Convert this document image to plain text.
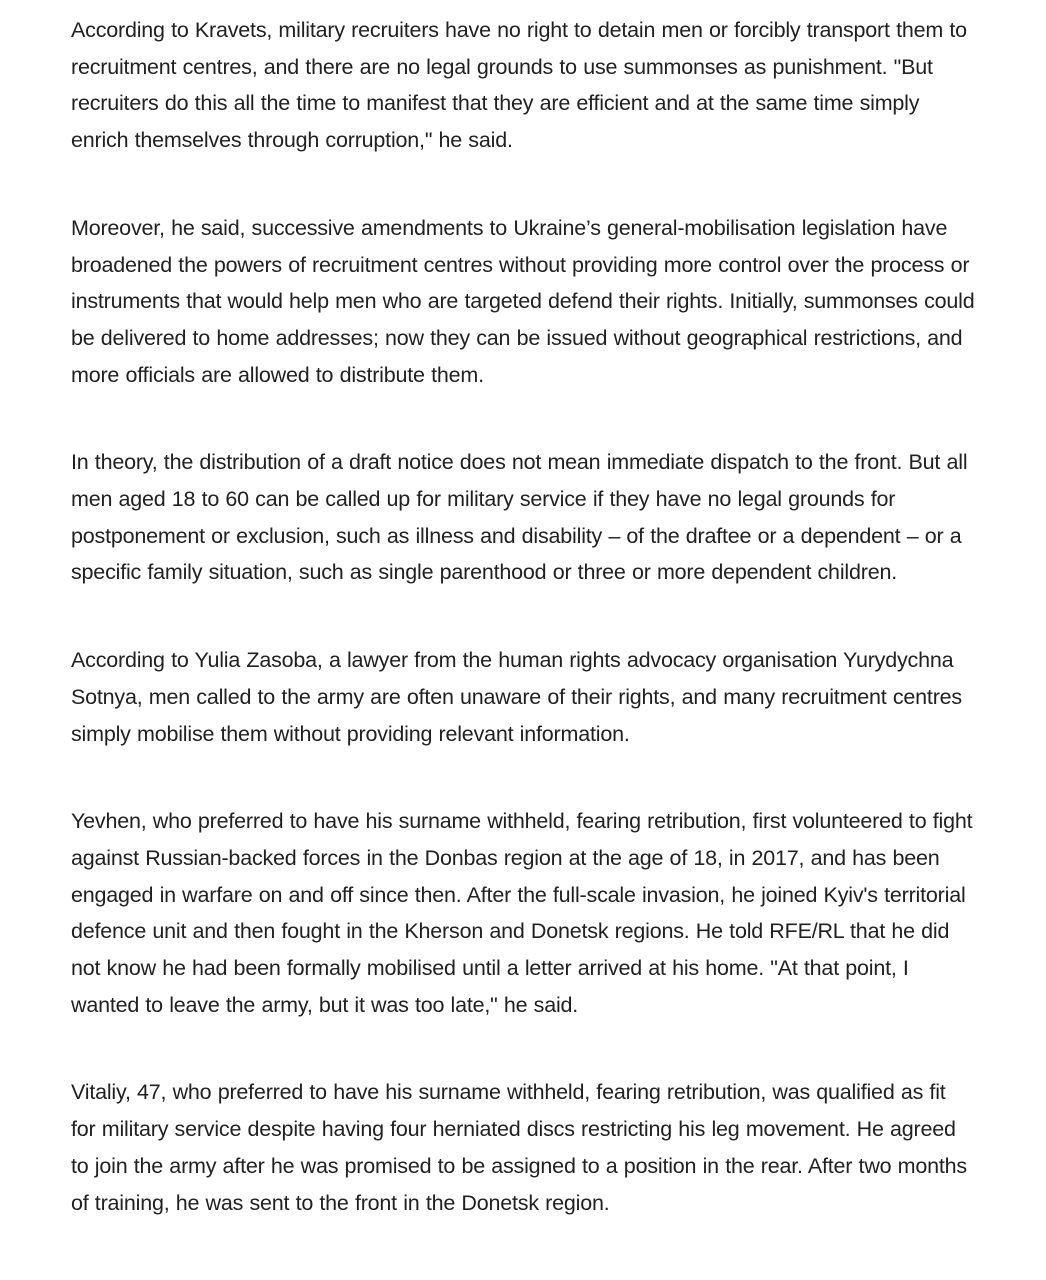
According to Kravets, military recruiters have no right to detain men or forcibly transport them to recruitment centres, and there are no legal grounds to use summonses as punishment. "But recruiters do this all the time to manifest that they are efficient and at the same time simply enrich themselves through corruption," he said.

Moreover, he said, successive amendments to Ukraine’s general-mobilisation legislation have broadened the powers of recruitment centres without providing more control over the process or instruments that would help men who are targeted defend their rights. Initially, summonses could be delivered to home addresses; now they can be issued without geographical restrictions, and more officials are allowed to distribute them.

In theory, the distribution of a draft notice does not mean immediate dispatch to the front. But all men aged 18 to 60 can be called up for military service if they have no legal grounds for postponement or exclusion, such as illness and disability – of the draftee or a dependent – or a specific family situation, such as single parenthood or three or more dependent children.

According to Yulia Zasoba, a lawyer from the human rights advocacy organisation Yurydychna Sotnya, men called to the army are often unaware of their rights, and many recruitment centres simply mobilise them without providing relevant information.

Yevhen, who preferred to have his surname withheld, fearing retribution, first volunteered to fight against Russian-backed forces in the Donbas region at the age of 18, in 2017, and has been engaged in warfare on and off since then. After the full-scale invasion, he joined Kyiv's territorial defence unit and then fought in the Kherson and Donetsk regions. He told RFE/RL that he did not know he had been formally mobilised until a letter arrived at his home. "At that point, I wanted to leave the army, but it was too late," he said.

Vitaliy, 47, who preferred to have his surname withheld, fearing retribution, was qualified as fit for military service despite having four herniated discs restricting his leg movement. He agreed to join the army after he was promised to be assigned to a position in the rear. After two months of training, he was sent to the front in the Donetsk region.
